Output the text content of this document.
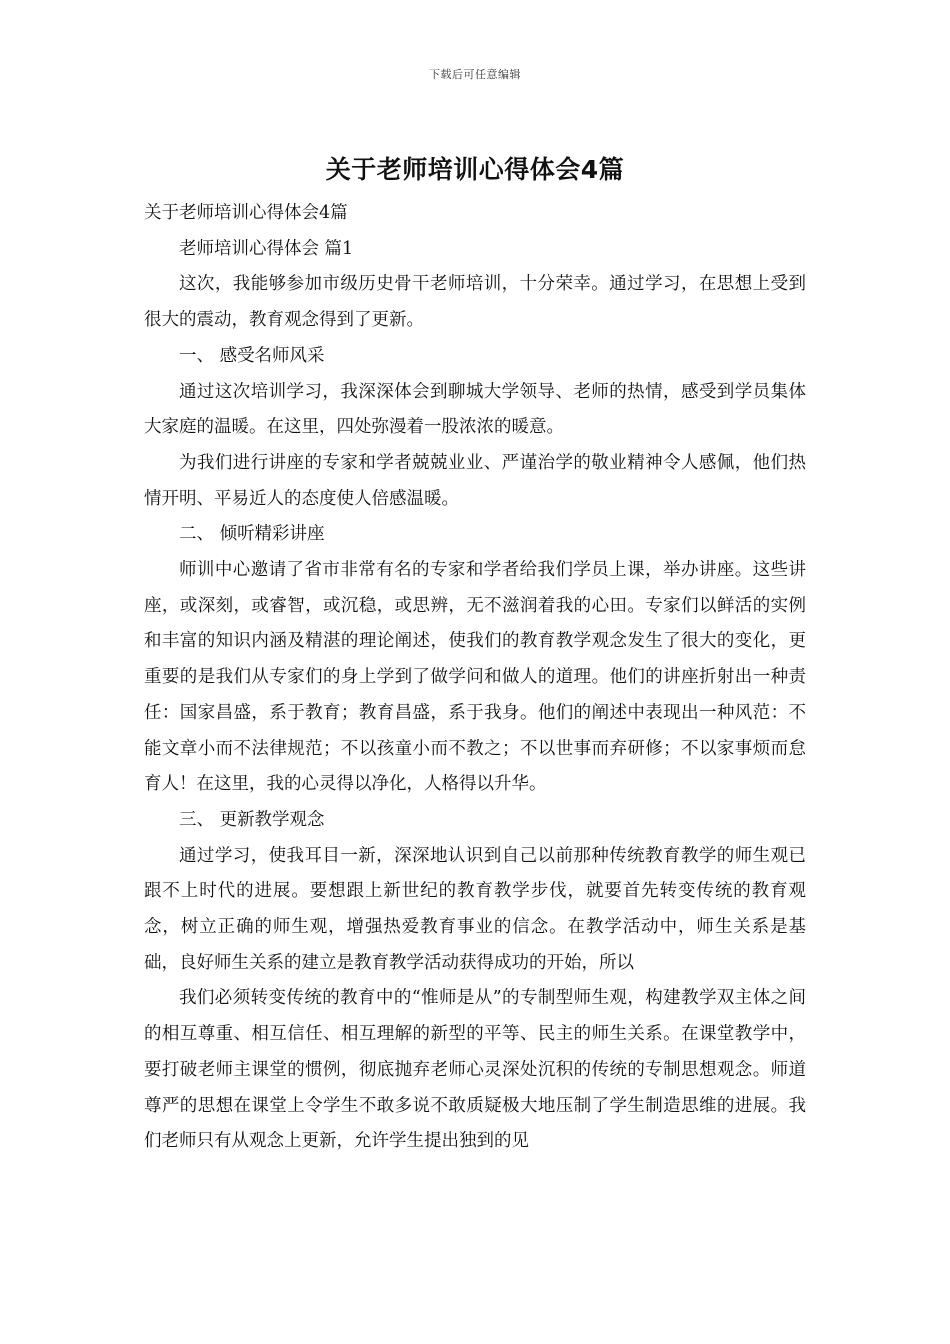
下载后可任意编辑
关于老师培训心得体会4篇

关于老师培训心得体会4篇

老师培训心得体会 篇1

这次，我能够参加市级历史骨干老师培训，十分荣幸。通过学习，在思想上受到很大的震动，教育观念得到了更新。

一、 感受名师风采

通过这次培训学习，我深深体会到聊城大学领导、老师的热情，感受到学员集体大家庭的温暖。在这里，四处弥漫着一股浓浓的暖意。

为我们进行讲座的专家和学者兢兢业业、严谨治学的敬业精神令人感佩，他们热情开明、平易近人的态度使人倍感温暖。

二、 倾听精彩讲座

师训中心邀请了省市非常有名的专家和学者给我们学员上课，举办讲座。这些讲座，或深刻，或睿智，或沉稳，或思辨，无不滋润着我的心田。专家们以鲜活的实例和丰富的知识内涵及精湛的理论阐述，使我们的教育教学观念发生了很大的变化，更重要的是我们从专家们的身上学到了做学问和做人的道理。他们的讲座折射出一种责任：国家昌盛，系于教育；教育昌盛，系于我身。他们的阐述中表现出一种风范：不能文章小而不法律规范；不以孩童小而不教之；不以世事而弃研修；不以家事烦而怠育人！在这里，我的心灵得以净化，人格得以升华。

三、 更新教学观念

通过学习，使我耳目一新，深深地认识到自己以前那种传统教育教学的师生观已跟不上时代的进展。要想跟上新世纪的教育教学步伐，就要首先转变传统的教育观念，树立正确的师生观，增强热爱教育事业的信念。在教学活动中，师生关系是基础，良好师生关系的建立是教育教学活动获得成功的开始，所以

我们必须转变传统的教育中的“惟师是从”的专制型师生观，构建教学双主体之间的相互尊重、相互信任、相互理解的新型的平等、民主的师生关系。在课堂教学中，要打破老师主课堂的惯例，彻底抛弃老师心灵深处沉积的传统的专制思想观念。师道尊严的思想在课堂上令学生不敢多说不敢质疑极大地压制了学生制造思维的进展。我们老师只有从观念上更新，允许学生提出独到的见
